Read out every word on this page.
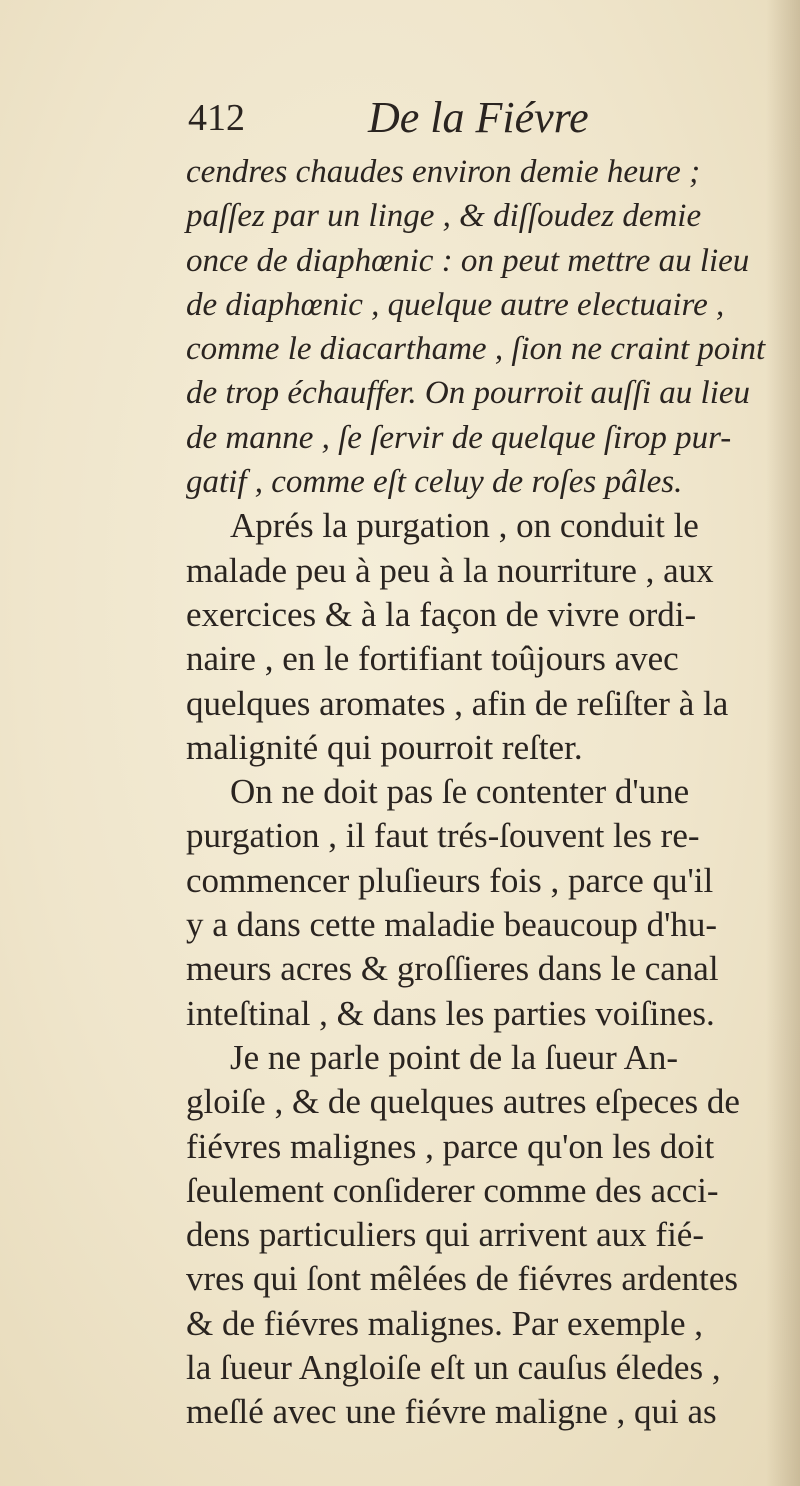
412	De la Fiévre
cendres chaudes environ demie heure ;
paſſez par un linge , & diſſoudez demie
once de diaphœnic : on peut mettre au lieu
de diaphœnic , quelque autre electuaire ,
comme le diacarthame , ſion ne craint point
de trop échauffer. On pourroit auſſi au lieu
de manne , ſe ſervir de quelque ſirop pur-
gatif , comme eſt celuy de roſes pâles.
Aprés la purgation , on conduit le
malade peu à peu à la nourriture , aux
exercices & à la façon de vivre ordi-
naire , en le fortifiant toûjours avec
quelques aromates , afin de reſiſter à la
malignité qui pourroit reſter.
On ne doit pas ſe contenter d'une
purgation , il faut trés-ſouvent les re-
commencer pluſieurs fois , parce qu'il
y a dans cette maladie beaucoup d'hu-
meurs acres & groſſieres dans le canal
inteſtinal , & dans les parties voiſines.
Je ne parle point de la ſueur An-
gloiſe , & de quelques autres eſpeces de
fiévres malignes , parce qu'on les doit
ſeulement conſiderer comme des acci-
dens particuliers qui arrivent aux fié-
vres qui ſont mêlées de fiévres ardentes
& de fiévres malignes. Par exemple ,
la ſueur Angloiſe eſt un cauſus éledes ,
meſlé avec une fiévre maligne , qui as
